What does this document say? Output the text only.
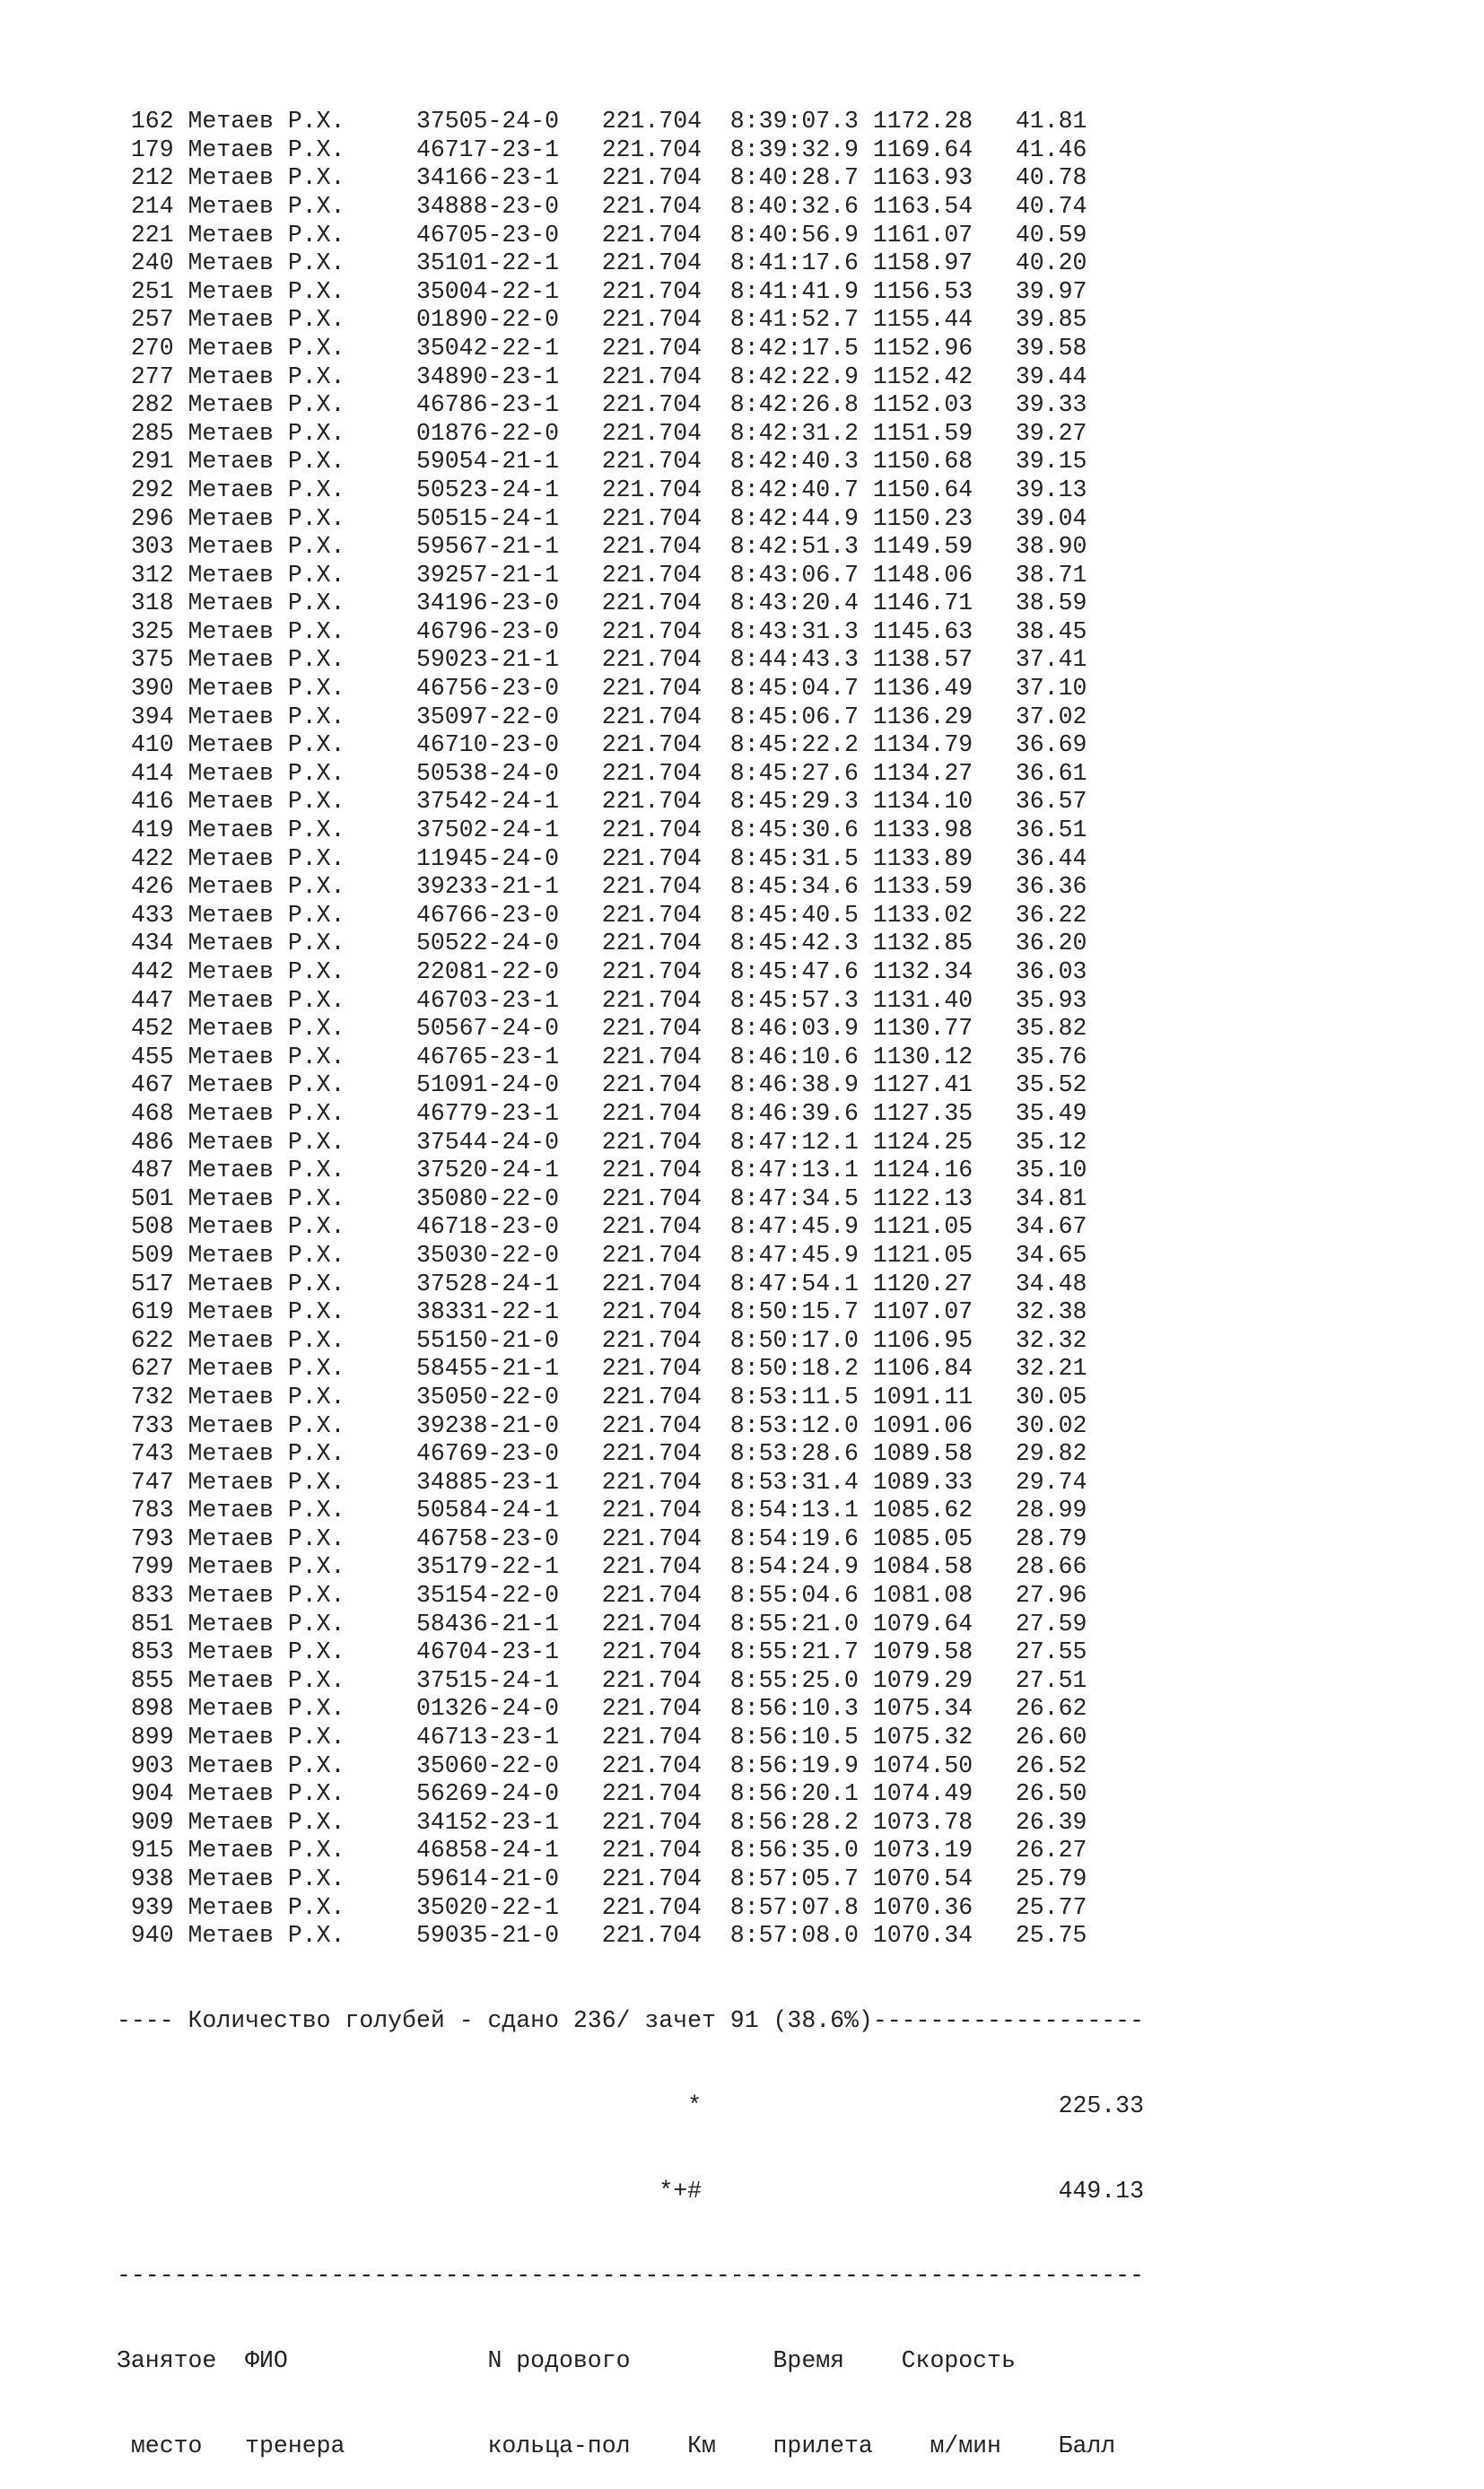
162 Метаев Р.Х.     37505-24-0   221.704  8:39:07.3 1172.28   41.81
179 Метаев Р.Х.     46717-23-1   221.704  8:39:32.9 1169.64   41.46
212 Метаев Р.Х.     34166-23-1   221.704  8:40:28.7 1163.93   40.78
214 Метаев Р.Х.     34888-23-0   221.704  8:40:32.6 1163.54   40.74
221 Метаев Р.Х.     46705-23-0   221.704  8:40:56.9 1161.07   40.59
240 Метаев Р.Х.     35101-22-1   221.704  8:41:17.6 1158.97   40.20
251 Метаев Р.Х.     35004-22-1   221.704  8:41:41.9 1156.53   39.97
257 Метаев Р.Х.     01890-22-0   221.704  8:41:52.7 1155.44   39.85
270 Метаев Р.Х.     35042-22-1   221.704  8:42:17.5 1152.96   39.58
277 Метаев Р.Х.     34890-23-1   221.704  8:42:22.9 1152.42   39.44
282 Метаев Р.Х.     46786-23-1   221.704  8:42:26.8 1152.03   39.33
285 Метаев Р.Х.     01876-22-0   221.704  8:42:31.2 1151.59   39.27
291 Метаев Р.Х.     59054-21-1   221.704  8:42:40.3 1150.68   39.15
292 Метаев Р.Х.     50523-24-1   221.704  8:42:40.7 1150.64   39.13
296 Метаев Р.Х.     50515-24-1   221.704  8:42:44.9 1150.23   39.04
303 Метаев Р.Х.     59567-21-1   221.704  8:42:51.3 1149.59   38.90
312 Метаев Р.Х.     39257-21-1   221.704  8:43:06.7 1148.06   38.71
318 Метаев Р.Х.     34196-23-0   221.704  8:43:20.4 1146.71   38.59
325 Метаев Р.Х.     46796-23-0   221.704  8:43:31.3 1145.63   38.45
375 Метаев Р.Х.     59023-21-1   221.704  8:44:43.3 1138.57   37.41
390 Метаев Р.Х.     46756-23-0   221.704  8:45:04.7 1136.49   37.10
394 Метаев Р.Х.     35097-22-0   221.704  8:45:06.7 1136.29   37.02
410 Метаев Р.Х.     46710-23-0   221.704  8:45:22.2 1134.79   36.69
414 Метаев Р.Х.     50538-24-0   221.704  8:45:27.6 1134.27   36.61
416 Метаев Р.Х.     37542-24-1   221.704  8:45:29.3 1134.10   36.57
419 Метаев Р.Х.     37502-24-1   221.704  8:45:30.6 1133.98   36.51
422 Метаев Р.Х.     11945-24-0   221.704  8:45:31.5 1133.89   36.44
426 Метаев Р.Х.     39233-21-1   221.704  8:45:34.6 1133.59   36.36
433 Метаев Р.Х.     46766-23-0   221.704  8:45:40.5 1133.02   36.22
434 Метаев Р.Х.     50522-24-0   221.704  8:45:42.3 1132.85   36.20
442 Метаев Р.Х.     22081-22-0   221.704  8:45:47.6 1132.34   36.03
447 Метаев Р.Х.     46703-23-1   221.704  8:45:57.3 1131.40   35.93
452 Метаев Р.Х.     50567-24-0   221.704  8:46:03.9 1130.77   35.82
455 Метаев Р.Х.     46765-23-1   221.704  8:46:10.6 1130.12   35.76
467 Метаев Р.Х.     51091-24-0   221.704  8:46:38.9 1127.41   35.52
468 Метаев Р.Х.     46779-23-1   221.704  8:46:39.6 1127.35   35.49
486 Метаев Р.Х.     37544-24-0   221.704  8:47:12.1 1124.25   35.12
487 Метаев Р.Х.     37520-24-1   221.704  8:47:13.1 1124.16   35.10
501 Метаев Р.Х.     35080-22-0   221.704  8:47:34.5 1122.13   34.81
508 Метаев Р.Х.     46718-23-0   221.704  8:47:45.9 1121.05   34.67
509 Метаев Р.Х.     35030-22-0   221.704  8:47:45.9 1121.05   34.65
517 Метаев Р.Х.     37528-24-1   221.704  8:47:54.1 1120.27   34.48
619 Метаев Р.Х.     38331-22-1   221.704  8:50:15.7 1107.07   32.38
622 Метаев Р.Х.     55150-21-0   221.704  8:50:17.0 1106.95   32.32
627 Метаев Р.Х.     58455-21-1   221.704  8:50:18.2 1106.84   32.21
732 Метаев Р.Х.     35050-22-0   221.704  8:53:11.5 1091.11   30.05
733 Метаев Р.Х.     39238-21-0   221.704  8:53:12.0 1091.06   30.02
743 Метаев Р.Х.     46769-23-0   221.704  8:53:28.6 1089.58   29.82
747 Метаев Р.Х.     34885-23-1   221.704  8:53:31.4 1089.33   29.74
783 Метаев Р.Х.     50584-24-1   221.704  8:54:13.1 1085.62   28.99
793 Метаев Р.Х.     46758-23-0   221.704  8:54:19.6 1085.05   28.79
799 Метаев Р.Х.     35179-22-1   221.704  8:54:24.9 1084.58   28.66
833 Метаев Р.Х.     35154-22-0   221.704  8:55:04.6 1081.08   27.96
851 Метаев Р.Х.     58436-21-1   221.704  8:55:21.0 1079.64   27.59
853 Метаев Р.Х.     46704-23-1   221.704  8:55:21.7 1079.58   27.55
855 Метаев Р.Х.     37515-24-1   221.704  8:55:25.0 1079.29   27.51
898 Метаев Р.Х.     01326-24-0   221.704  8:56:10.3 1075.34   26.62
899 Метаев Р.Х.     46713-23-1   221.704  8:56:10.5 1075.32   26.60
903 Метаев Р.Х.     35060-22-0   221.704  8:56:19.9 1074.50   26.52
904 Метаев Р.Х.     56269-24-0   221.704  8:56:20.1 1074.49   26.50
909 Метаев Р.Х.     34152-23-1   221.704  8:56:28.2 1073.78   26.39
915 Метаев Р.Х.     46858-24-1   221.704  8:56:35.0 1073.19   26.27
938 Метаев Р.Х.     59614-21-0   221.704  8:57:05.7 1070.54   25.79
939 Метаев Р.Х.     35020-22-1   221.704  8:57:07.8 1070.36   25.77
940 Метаев Р.Х.     59035-21-0   221.704  8:57:08.0 1070.34   25.75

---- Количество голубей - сдано 236/ зачет 91 (38.6%)-------------------

*                         225.33

*+#                         449.13

------------------------------------------------------------------------

Занятое  ФИО              N родового          Время    Скорость

место   тренера          кольца-пол    Км    прилета    м/мин    Балл
